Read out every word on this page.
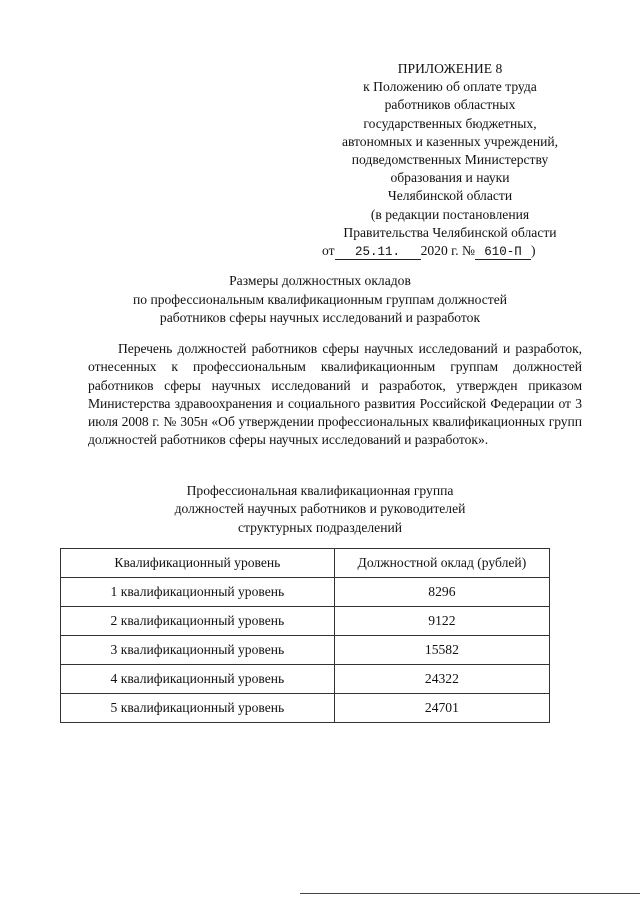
ПРИЛОЖЕНИЕ 8
к Положению об оплате труда
работников областных
государственных бюджетных,
автономных и казенных учреждений,
подведомственных Министерству
образования и науки
Челябинской области
(в редакции постановления
Правительства Челябинской области
от 25.11. 2020 г. № 610-П )
Размеры должностных окладов
по профессиональным квалификационным группам должностей
работников сферы научных исследований и разработок
Перечень должностей работников сферы научных исследований и разработок, отнесенных к профессиональным квалификационным группам должностей работников сферы научных исследований и разработок, утвержден приказом Министерства здравоохранения и социального развития Российской Федерации от 3 июля 2008 г. № 305н «Об утверждении профессиональных квалификационных групп должностей работников сферы научных исследований и разработок».
Профессиональная квалификационная группа
должностей научных работников и руководителей
структурных подразделений
Квалификационный уровень	Должностной оклад (рублей)
1 квалификационный уровень	8296
2 квалификационный уровень	9122
3 квалификационный уровень	15582
4 квалификационный уровень	24322
5 квалификационный уровень	24701
